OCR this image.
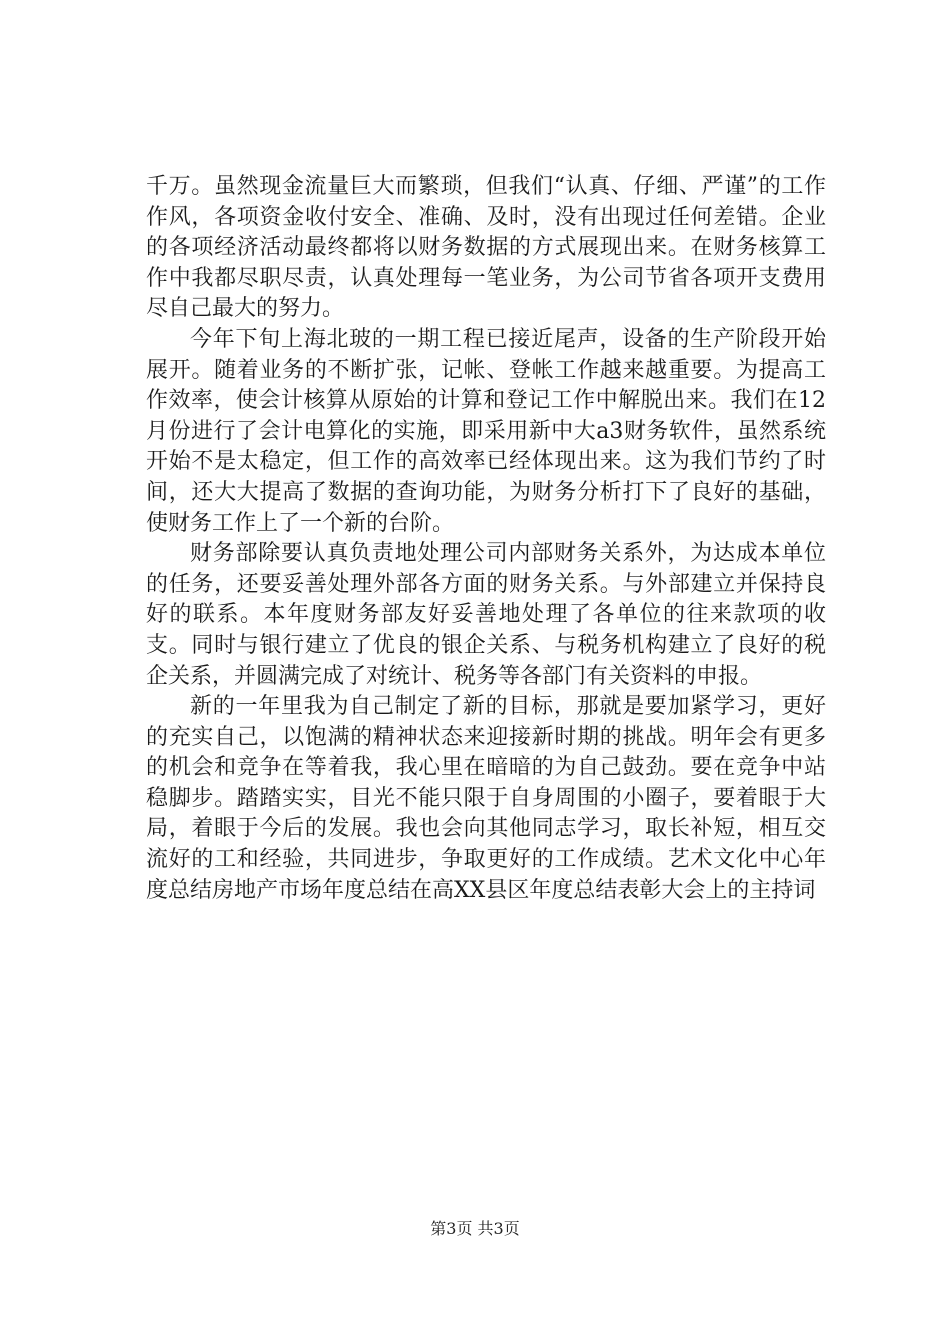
千万。虽然现金流量巨大而繁琐，但我们“认真、仔细、严谨”的工作作风，各项资金收付安全、准确、及时，没有出现过任何差错。企业的各项经济活动最终都将以财务数据的方式展现出来。在财务核算工作中我都尽职尽责，认真处理每一笔业务，为公司节省各项开支费用尽自己最大的努力。

今年下旬上海北玻的一期工程已接近尾声，设备的生产阶段开始展开。随着业务的不断扩张，记帐、登帐工作越来越重要。为提高工作效率，使会计核算从原始的计算和登记工作中解脱出来。我们在12月份进行了会计电算化的实施，即采用新中大a3财务软件，虽然系统开始不是太稳定，但工作的高效率已经体现出来。这为我们节约了时间，还大大提高了数据的查询功能，为财务分析打下了良好的基础，使财务工作上了一个新的台阶。

财务部除要认真负责地处理公司内部财务关系外，为达成本单位的任务，还要妥善处理外部各方面的财务关系。与外部建立并保持良好的联系。本年度财务部友好妥善地处理了各单位的往来款项的收支。同时与银行建立了优良的银企关系、与税务机构建立了良好的税企关系，并圆满完成了对统计、税务等各部门有关资料的申报。

新的一年里我为自己制定了新的目标，那就是要加紧学习，更好的充实自己，以饱满的精神状态来迎接新时期的挑战。明年会有更多的机会和竞争在等着我，我心里在暗暗的为自己鼓劲。要在竞争中站稳脚步。踏踏实实，目光不能只限于自身周围的小圈子，要着眼于大局，着眼于今后的发展。我也会向其他同志学习，取长补短，相互交流好的工和经验，共同进步，争取更好的工作成绩。艺术文化中心年度总结房地产市场年度总结在高XX县区年度总结表彰大会上的主持词

第3页 共3页
